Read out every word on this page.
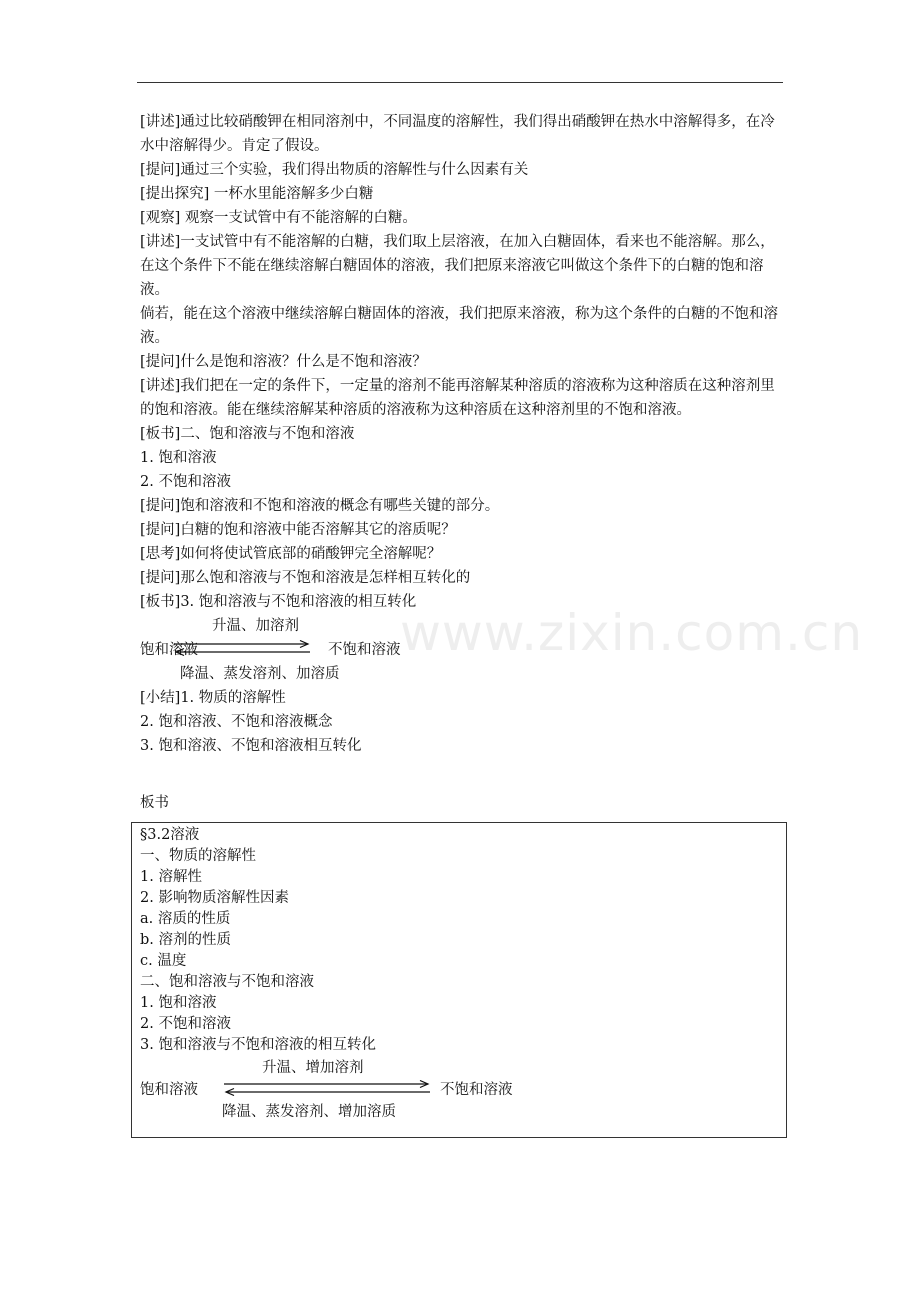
www.zixin.com.cn

[讲述]通过比较硝酸钾在相同溶剂中，不同温度的溶解性，我们得出硝酸钾在热水中溶解得多，在冷水中溶解得少。肯定了假设。

[提问]通过三个实验，我们得出物质的溶解性与什么因素有关

[提出探究] 一杯水里能溶解多少白糖

[观察] 观察一支试管中有不能溶解的白糖。

[讲述]一支试管中有不能溶解的白糖，我们取上层溶液，在加入白糖固体，看来也不能溶解。那么，在这个条件下不能在继续溶解白糖固体的溶液，我们把原来溶液它叫做这个条件下的白糖的饱和溶液。

倘若，能在这个溶液中继续溶解白糖固体的溶液，我们把原来溶液，称为这个条件的白糖的不饱和溶液。

[提问]什么是饱和溶液？什么是不饱和溶液？

[讲述]我们把在一定的条件下，一定量的溶剂不能再溶解某种溶质的溶液称为这种溶质在这种溶剂里的饱和溶液。能在继续溶解某种溶质的溶液称为这种溶质在这种溶剂里的不饱和溶液。

[板书]二、饱和溶液与不饱和溶液

1. 饱和溶液

2. 不饱和溶液

[提问]饱和溶液和不饱和溶液的概念有哪些关键的部分。

[提问]白糖的饱和溶液中能否溶解其它的溶质呢？

[思考]如何将使试管底部的硝酸钾完全溶解呢？

[提问]那么饱和溶液与不饱和溶液是怎样相互转化的

[板书]3. 饱和溶液与不饱和溶液的相互转化

升温、加溶剂
饱和溶液	不饱和溶液
降温、蒸发溶剂、加溶质

[小结]1. 物质的溶解性

2. 饱和溶液、不饱和溶液概念

3. 饱和溶液、不饱和溶液相互转化

板书

§3.2溶液

一、物质的溶解性

1. 溶解性

2. 影响物质溶解性因素

a. 溶质的性质

b. 溶剂的性质

c. 温度

二、饱和溶液与不饱和溶液

1. 饱和溶液

2. 不饱和溶液

3. 饱和溶液与不饱和溶液的相互转化

升温、增加溶剂
饱和溶液	不饱和溶液
降温、蒸发溶剂、增加溶质
